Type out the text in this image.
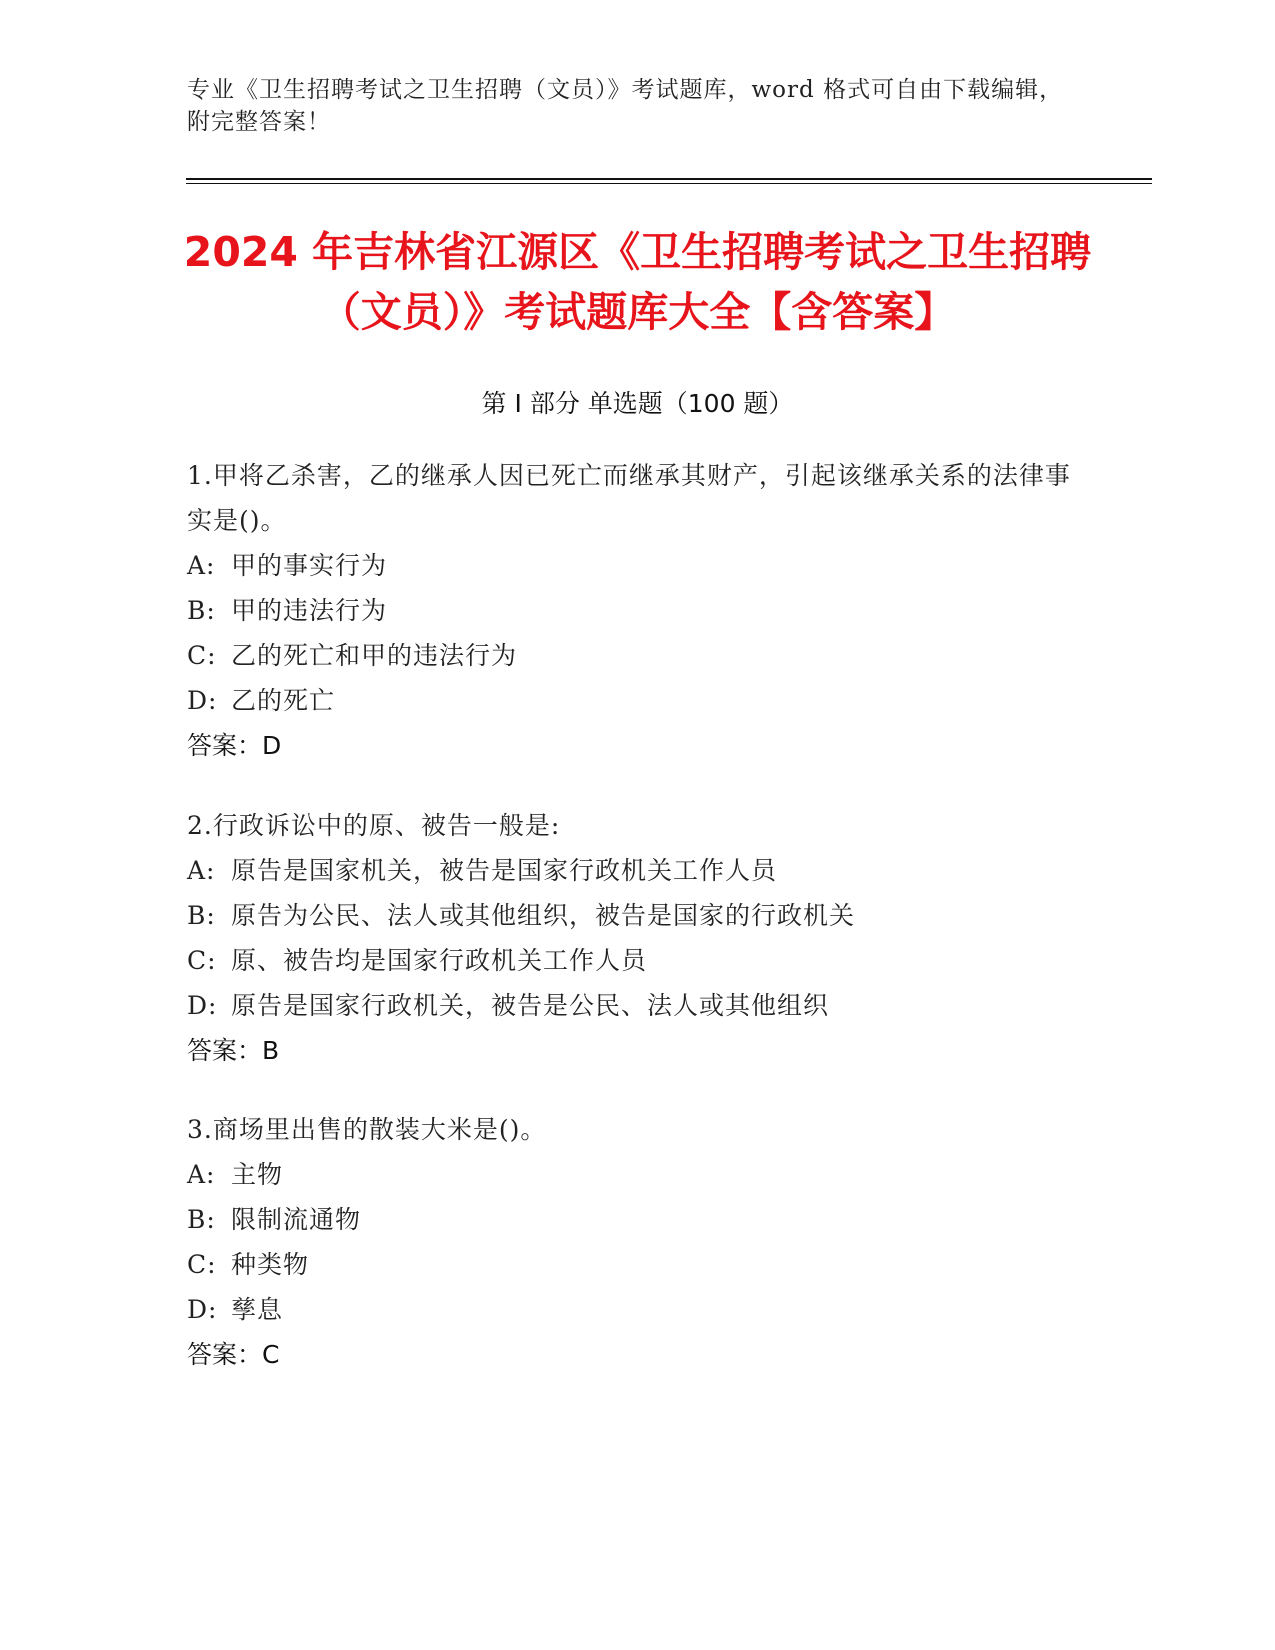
专业《卫生招聘考试之卫生招聘（文员）》考试题库，word 格式可自由下载编辑，附完整答案！
2024 年吉林省江源区《卫生招聘考试之卫生招聘（文员）》考试题库大全【含答案】
第 I 部分 单选题（100 题）
1.甲将乙杀害，乙的继承人因已死亡而继承其财产，引起该继承关系的法律事实是()。
A: 甲的事实行为
B: 甲的违法行为
C: 乙的死亡和甲的违法行为
D: 乙的死亡
答案：D
2.行政诉讼中的原、被告一般是:
A: 原告是国家机关，被告是国家行政机关工作人员
B: 原告为公民、法人或其他组织，被告是国家的行政机关
C: 原、被告均是国家行政机关工作人员
D: 原告是国家行政机关，被告是公民、法人或其他组织
答案：B
3.商场里出售的散装大米是()。
A: 主物
B: 限制流通物
C: 种类物
D: 孳息
答案：C
